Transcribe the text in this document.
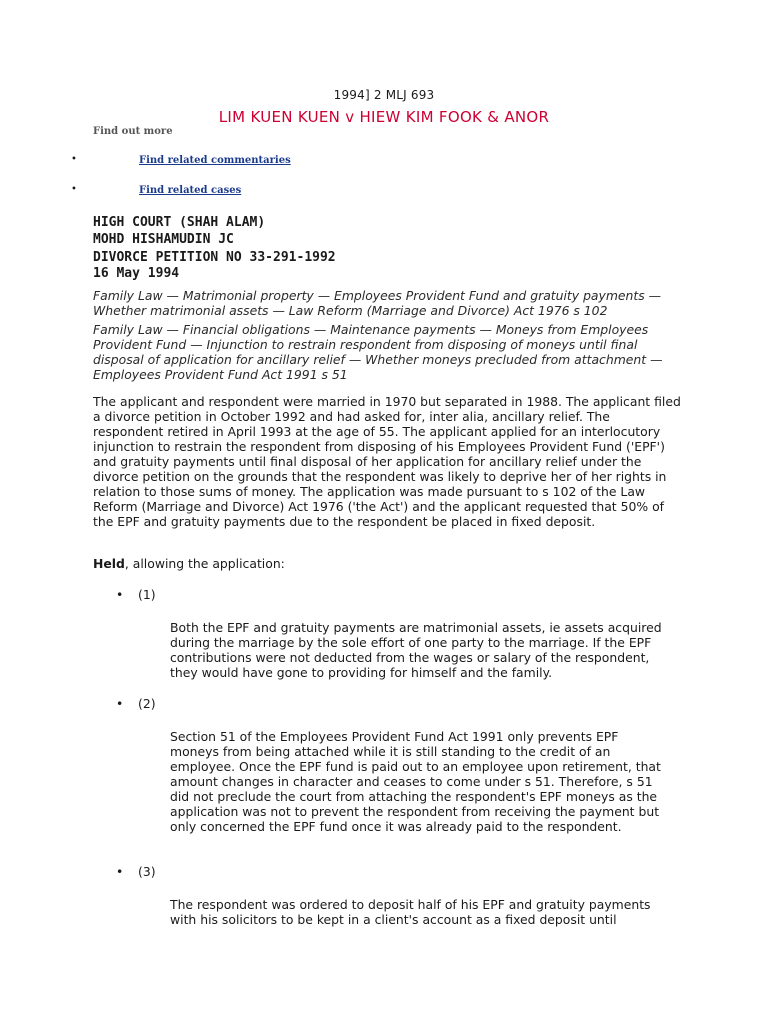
1994] 2 MLJ 693
LIM KUEN KUEN v HIEW KIM FOOK & ANOR
Find out more
•	Find related commentaries
•	Find related cases
HIGH COURT (SHAH ALAM)
MOHD HISHAMUDIN JC
DIVORCE PETITION NO 33-291-1992
16 May 1994
Family Law — Matrimonial property — Employees Provident Fund and gratuity payments — Whether matrimonial assets — Law Reform (Marriage and Divorce) Act 1976 s 102
Family Law — Financial obligations — Maintenance payments — Moneys from Employees Provident Fund — Injunction to restrain respondent from disposing of moneys until final disposal of application for ancillary relief — Whether moneys precluded from attachment — Employees Provident Fund Act 1991 s 51
The applicant and respondent were married in 1970 but separated in 1988. The applicant filed a divorce petition in October 1992 and had asked for, inter alia, ancillary relief. The respondent retired in April 1993 at the age of 55. The applicant applied for an interlocutory injunction to restrain the respondent from disposing of his Employees Provident Fund ('EPF') and gratuity payments until final disposal of her application for ancillary relief under the divorce petition on the grounds that the respondent was likely to deprive her of her rights in relation to those sums of money. The application was made pursuant to s 102 of the Law Reform (Marriage and Divorce) Act 1976 ('the Act') and the applicant requested that 50% of the EPF and gratuity payments due to the respondent be placed in fixed deposit.
Held, allowing the application:
• (1)
Both the EPF and gratuity payments are matrimonial assets, ie assets acquired during the marriage by the sole effort of one party to the marriage. If the EPF contributions were not deducted from the wages or salary of the respondent, they would have gone to providing for himself and the family.
• (2)
Section 51 of the Employees Provident Fund Act 1991 only prevents EPF moneys from being attached while it is still standing to the credit of an employee. Once the EPF fund is paid out to an employee upon retirement, that amount changes in character and ceases to come under s 51. Therefore, s 51 did not preclude the court from attaching the respondent's EPF moneys as the application was not to prevent the respondent from receiving the payment but only concerned the EPF fund once it was already paid to the respondent.
• (3)
The respondent was ordered to deposit half of his EPF and gratuity payments with his solicitors to be kept in a client's account as a fixed deposit until
